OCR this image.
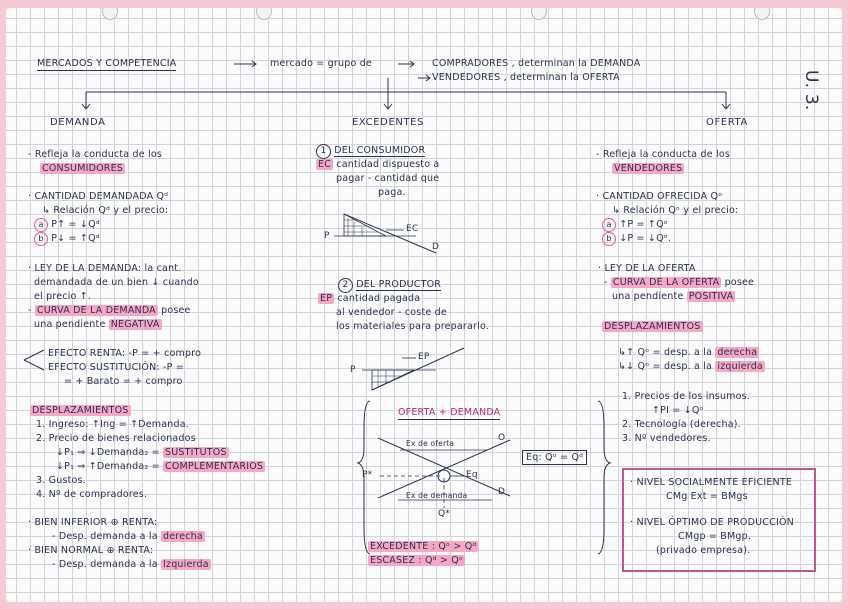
MERCADOS Y COMPETENCIA	mercado = grupo de	COMPRADORES , determinan la DEMANDA
VENDEDORES , determinan la OFERTA	U. 3.
DEMANDA
- Refleja la conducta de los
CONSUMIDORES
· CANTIDAD DEMANDADA Qᵈ
↳ Relación Qᵈ y el precio:
a P↑ = ↓Qᵈ
b P↓ = ↑Qᵈ
· LEY DE LA DEMANDA: la cant.
demandada de un bien ↓ cuando
el precio ↑.
- CURVA DE LA DEMANDA posee
una pendiente NEGATIVA
EFECTO RENTA: -P = + compro
EFECTO SUSTITUCIÓN: -P =
= + Barato = + compro
DESPLAZAMIENTOS
1. Ingreso: ↑Ing = ↑Demanda.
2. Precio de bienes relacionados
↓P₁ ⇒ ↓Demanda₂ = SUSTITUTOS
↓P₁ ⇒ ↑Demanda₂ = COMPLEMENTARIOS
3. Gustos.
4. Nº de compradores.
· BIEN INFERIOR ⊕ RENTA:
- Desp. demanda a la derecha
· BIEN NORMAL ⊕ RENTA:
- Desp. demanda a la Izquierda
EXCEDENTES
1 DEL CONSUMIDOR
EC cantidad dispuesto a
pagar - cantidad que
paga.
P
EC
D
2 DEL PRODUCTOR
EP cantidad pagada
al vendedor - coste de
los materiales para prepararlo.
P
EP
OFERTA + DEMANDA
Ex de oferta
Ex de demanda
P*
Q*
O
D
Eq
Eq: Qᵒ = Qᵈ
EXCEDENTE : Qᵒ > Qᵈ
ESCASEZ : Qᵈ > Qᵒ
OFERTA
- Refleja la conducta de los
VENDEDORES
· CANTIDAD OFRECIDA Qᵒ
↳ Relación Qᵒ y el precio:
a ↑P = ↑Qᵒ
b ↓P = ↓Qᵒ.
· LEY DE LA OFERTA
- CURVA DE LA OFERTA posee
una pendiente POSITIVA
DESPLAZAMIENTOS
↳↑ Qᵒ = desp. a la derecha
↳↓ Qᵒ = desp. a la izquierda
1. Precios de los insumos.
↑PI = ↓Qᵒ
2. Tecnología (derecha).
3. Nº vendedores.
· NIVEL SOCIALMENTE EFICIENTE
CMg Ext = BMgs
· NIVEL ÓPTIMO DE PRODUCCIÓN
CMgp = BMgp.
(privado empresa).
